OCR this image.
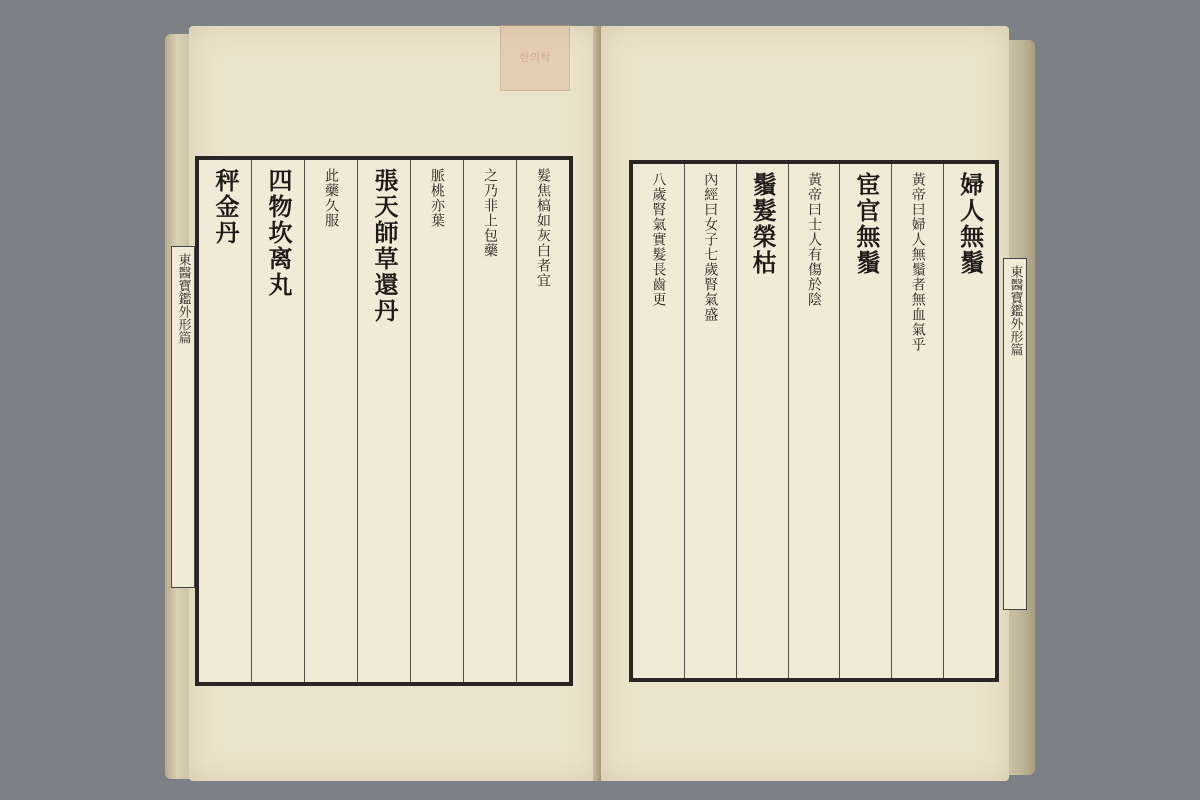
東醫寶鑑外形篇
髮焦槁如灰白者宜
之乃非上包藥
脈桃亦葉
張天師草還丹
此藥久服
四物坎离丸
秤金丹
東醫寶鑑外形篇
婦人無鬚
黃帝曰婦人無鬚者無血氣乎
宦官無鬚
黃帝曰士人有傷於陰
鬚髮榮枯
內經曰女子七歲腎氣盛
八歲腎氣實髮長齒更
한의학
